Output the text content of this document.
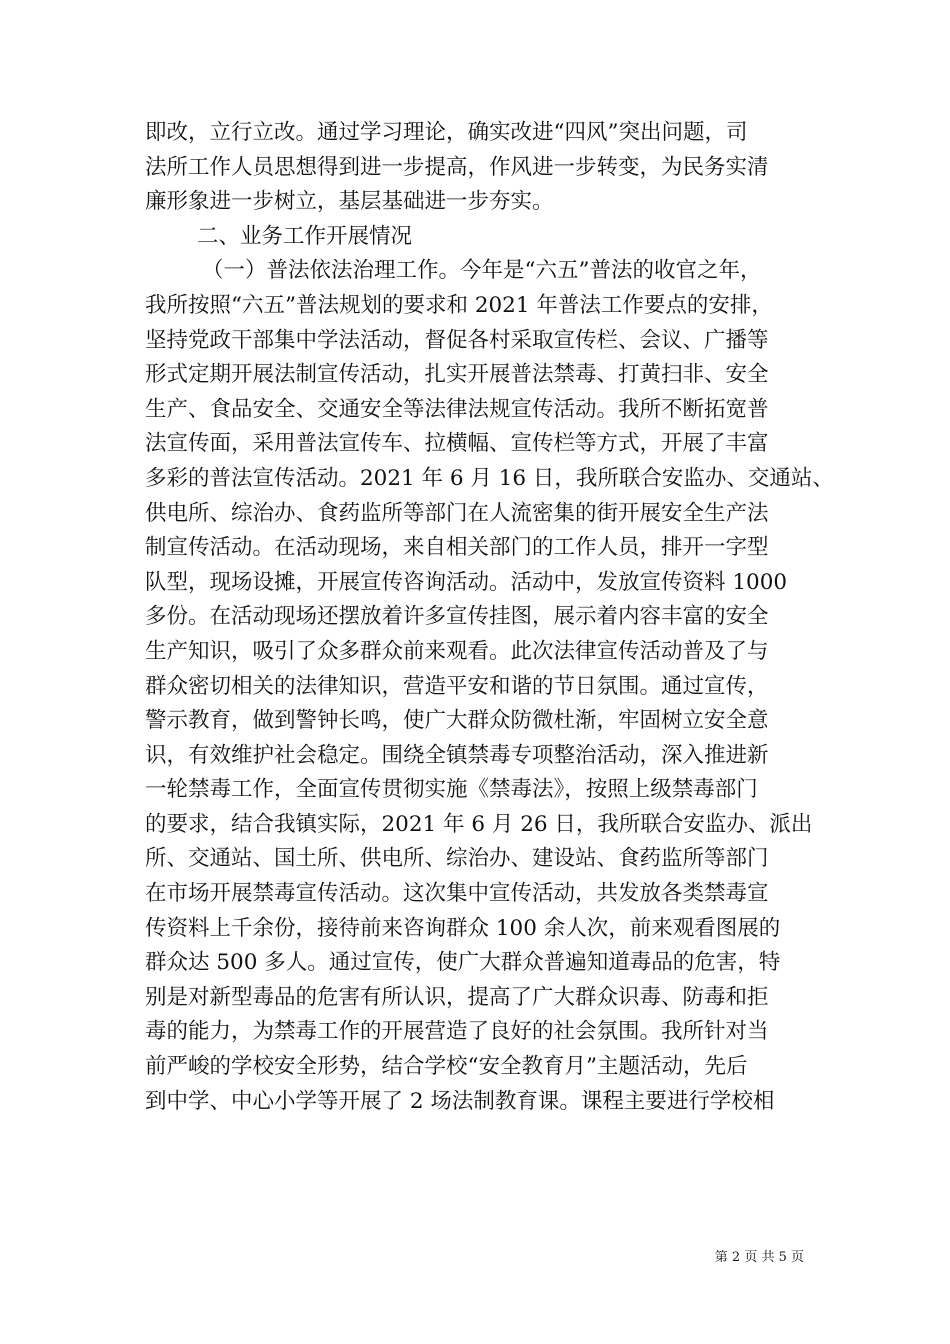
即改，立行立改。通过学习理论，确实改进“四风”突出问题，司
法所工作人员思想得到进一步提高，作风进一步转变，为民务实清
廉形象进一步树立，基层基础进一步夯实。
二、业务工作开展情况
（一）普法依法治理工作。今年是“六五”普法的收官之年，
我所按照“六五”普法规划的要求和 2021 年普法工作要点的安排，
坚持党政干部集中学法活动，督促各村采取宣传栏、会议、广播等
形式定期开展法制宣传活动，扎实开展普法禁毒、打黄扫非、安全
生产、食品安全、交通安全等法律法规宣传活动。我所不断拓宽普
法宣传面，采用普法宣传车、拉横幅、宣传栏等方式，开展了丰富
多彩的普法宣传活动。2021 年 6 月 16 日，我所联合安监办、交通站、
供电所、综治办、食药监所等部门在人流密集的街开展安全生产法
制宣传活动。在活动现场，来自相关部门的工作人员，排开一字型
队型，现场设摊，开展宣传咨询活动。活动中，发放宣传资料 1000
多份。在活动现场还摆放着许多宣传挂图，展示着内容丰富的安全
生产知识，吸引了众多群众前来观看。此次法律宣传活动普及了与
群众密切相关的法律知识，营造平安和谐的节日氛围。通过宣传，
警示教育，做到警钟长鸣，使广大群众防微杜渐，牢固树立安全意
识，有效维护社会稳定。围绕全镇禁毒专项整治活动，深入推进新
一轮禁毒工作，全面宣传贯彻实施《禁毒法》，按照上级禁毒部门
的要求，结合我镇实际，2021 年 6 月 26 日，我所联合安监办、派出
所、交通站、国土所、供电所、综治办、建设站、食药监所等部门
在市场开展禁毒宣传活动。这次集中宣传活动，共发放各类禁毒宣
传资料上千余份，接待前来咨询群众 100 余人次，前来观看图展的
群众达 500 多人。通过宣传，使广大群众普遍知道毒品的危害，特
别是对新型毒品的危害有所认识，提高了广大群众识毒、防毒和拒
毒的能力，为禁毒工作的开展营造了良好的社会氛围。我所针对当
前严峻的学校安全形势，结合学校“安全教育月”主题活动，先后
到中学、中心小学等开展了 2 场法制教育课。课程主要进行学校相
第 2 页 共 5 页
